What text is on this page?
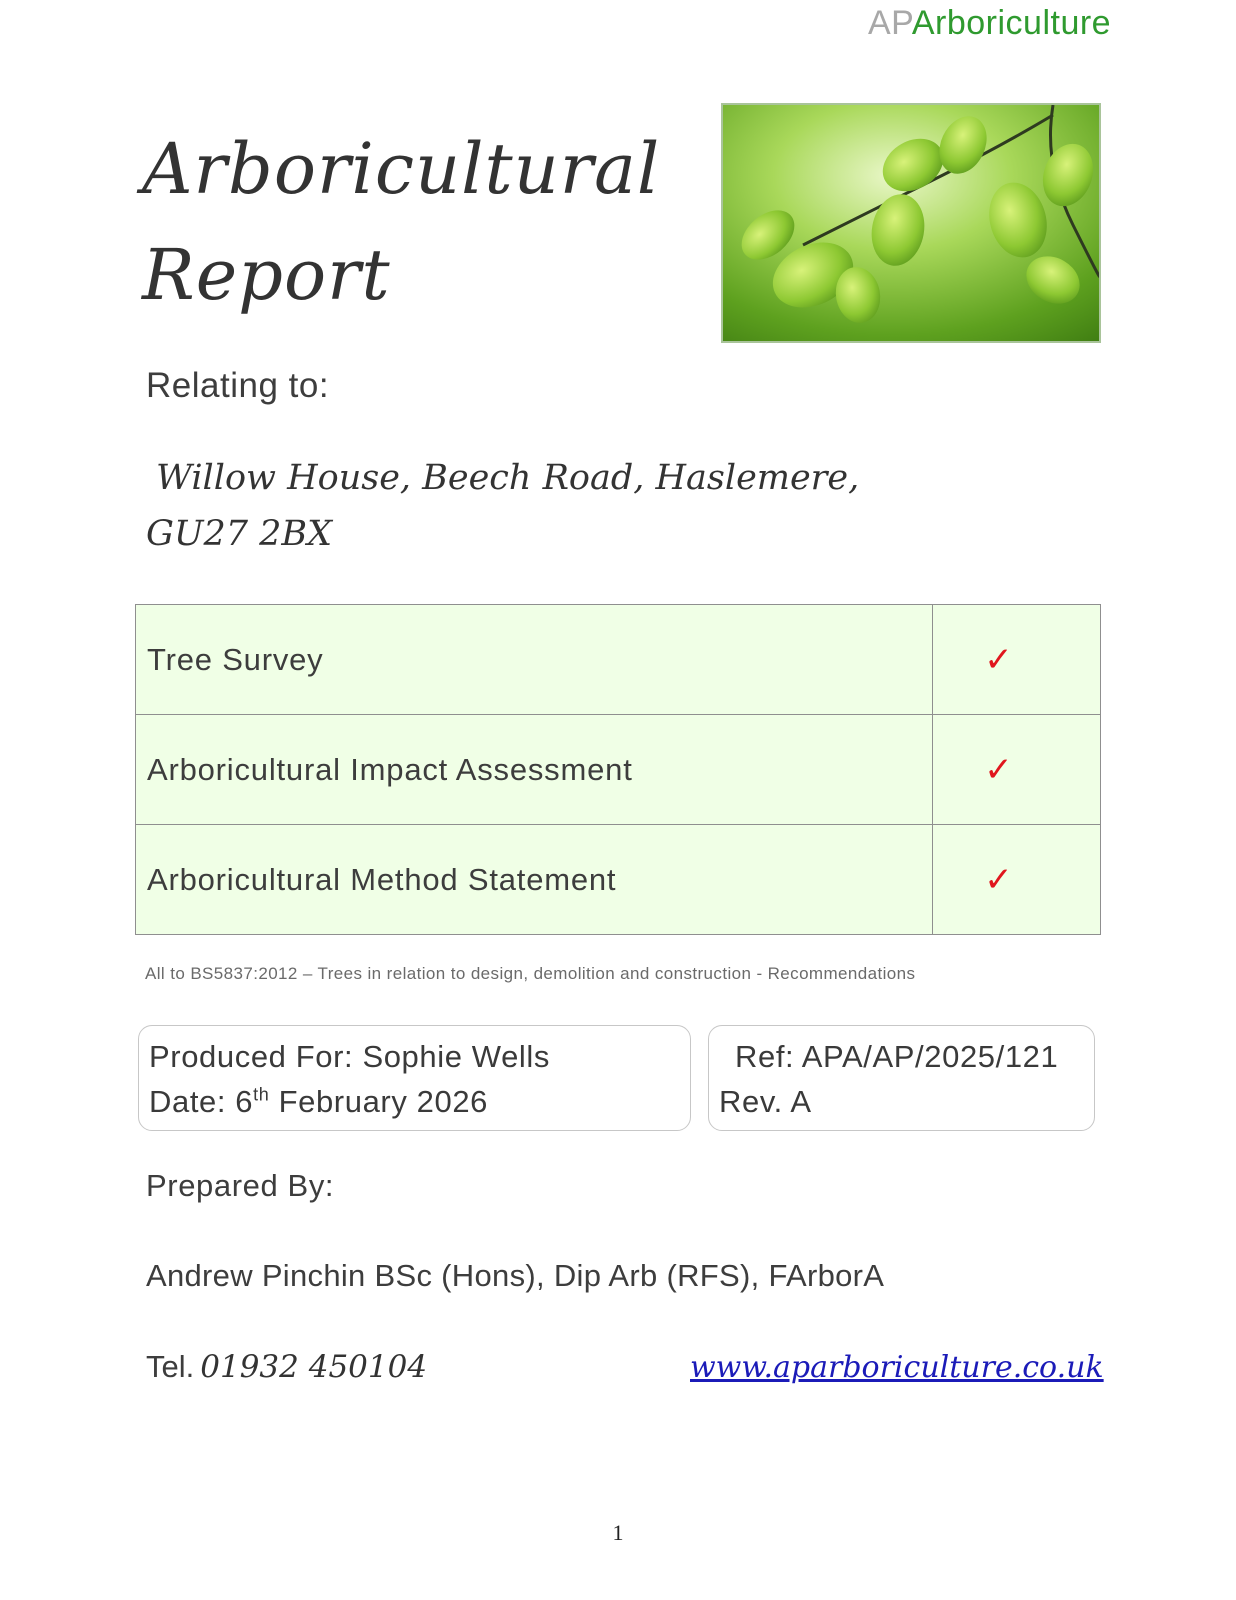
APArboriculture
Arboricultural Report
Relating to:
Willow House, Beech Road, Haslemere,
GU27 2BX
Tree Survey	✓
Arboricultural Impact Assessment	✓
Arboricultural Method Statement	✓
All to BS5837:2012 – Trees in relation to design, demolition and construction - Recommendations
Produced For: Sophie Wells
Date: 6th February 2026
Ref: APA/AP/2025/121
Rev. A
Prepared By:
Andrew Pinchin BSc (Hons), Dip Arb (RFS), FArborA
Tel. 01932 450104	www.aparboriculture.co.uk
1
